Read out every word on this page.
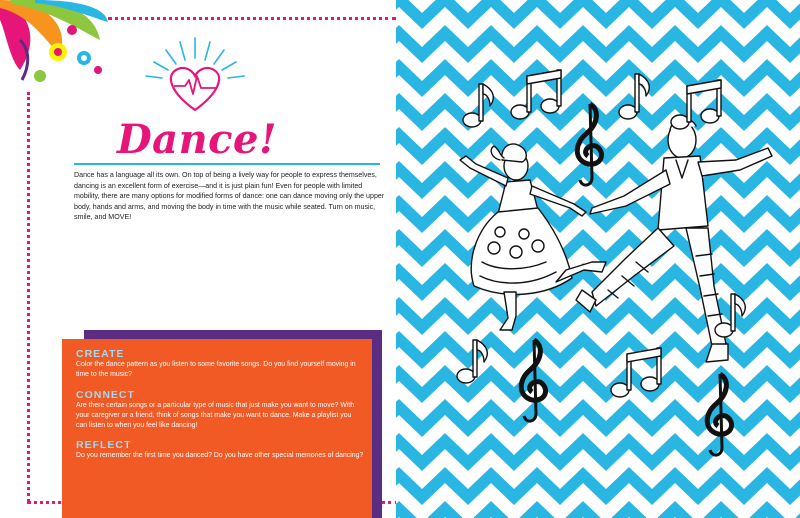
Dance!

Dance has a language all its own. On top of being a lively way for people to express themselves, dancing is an excellent form of exercise—and it is just plain fun! Even for people with limited mobility, there are many options for modified forms of dance: one can dance moving only the upper body, hands and arms, and moving the body in time with the music while seated. Turn on music, smile, and MOVE!

CREATE
Color the dance pattern as you listen to some favorite songs. Do you find yourself moving in time to the music?
CONNECT
Are there certain songs or a particular type of music that just make you want to move? With your caregiver or a friend, think of songs that make you want to dance. Make a playlist you can listen to when you feel like dancing!
REFLECT
Do you remember the first time you danced? Do you have other special memories of dancing?
